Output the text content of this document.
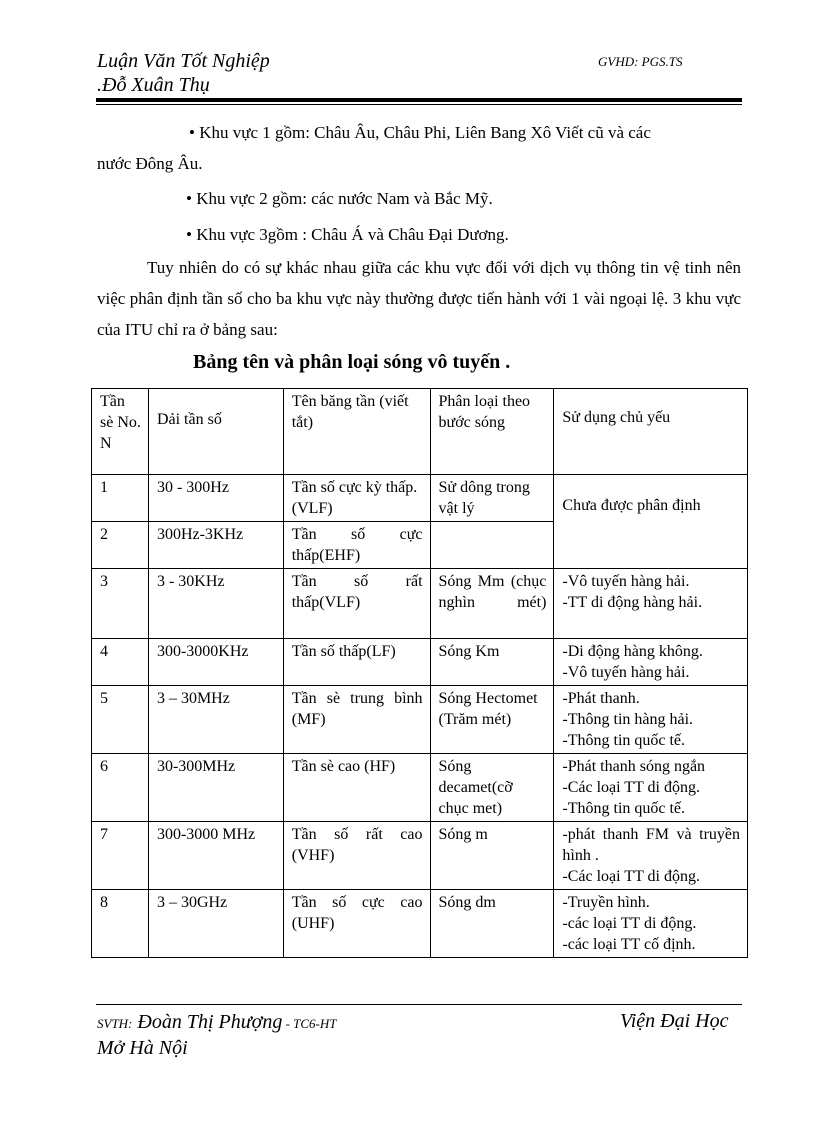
Luận Văn Tốt Nghiệp
.Đỗ Xuân Thụ
GVHD: PGS.TS
• Khu vực 1 gồm: Châu Âu, Châu Phi, Liên Bang Xô Viết cũ và các
nước Đông Âu.
• Khu vực 2 gồm: các nước Nam và Bắc Mỹ.
• Khu vực 3gồm : Châu Á và Châu Đại Dương.
Tuy nhiên do có sự khác nhau giữa các khu vực đối với dịch vụ thông tin vệ tinh nên việc phân định tần số cho ba khu vực này thường được tiến hành với 1 vài ngoại lệ. 3 khu vực của ITU chỉ ra ở bảng sau:
Bảng tên và phân loại sóng vô tuyến .
Tần sè No. N	Dải tần số	Tên băng tần (viết tắt)	Phân loại theo bước sóng	Sử dụng chủ yếu
1	30 - 300Hz	Tần số cực kỳ thấp.(VLF)	Sử dông trong vật lý	Chưa được phân định
2	300Hz-3KHz	Tần số cực thấp(EHF)		
3	3 - 30KHz	Tần số rất thấp(VLF)	Sóng Mm (chục nghìn mét)	-Vô tuyến hàng hải.
-TT di động hàng hải.
4	300-3000KHz	Tần số thấp(LF)	Sóng Km	-Di động hàng không.
-Vô tuyến hàng hải.
5	3 – 30MHz	Tần sè trung bình (MF)	Sóng Hectomet (Trăm mét)	-Phát thanh.
-Thông tin hàng hải.
-Thông tin quốc tế.
6	30-300MHz	Tần sè cao (HF)	Sóng decamet(cỡ chục met)	-Phát thanh sóng ngắn
-Các loại TT di động.
-Thông tin quốc tế.
7	300-3000 MHz	Tần số rất cao (VHF)	Sóng m	-phát thanh FM và truyền hình .
-Các loại TT di động.
8	3 – 30GHz	Tần số cực cao (UHF)	Sóng dm	-Truyền hình.
-các loại TT di động.
-các loại TT cố định.
SVTH: Đoàn Thị Phượng - TC6-HT
Mở Hà Nội
Viện Đại Học
